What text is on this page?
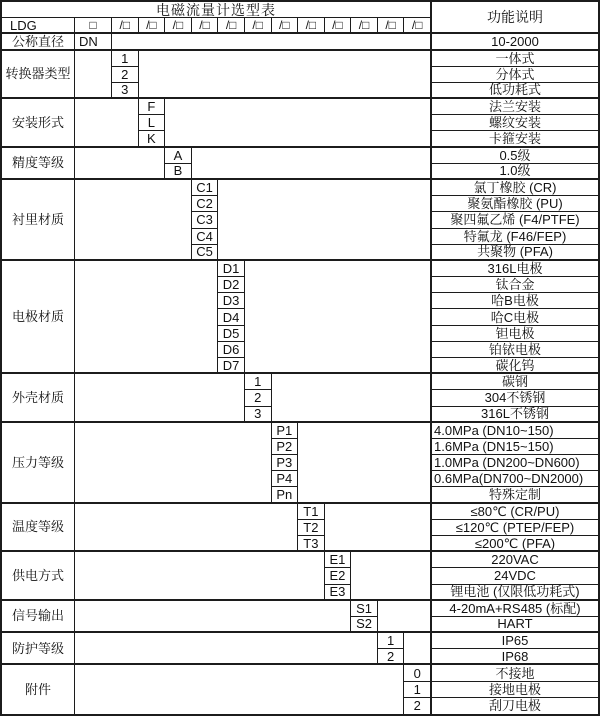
电磁流量计选型表	功能说明
LDG	□	/□	/□	/□	/□	/□	/□	/□	/□	/□	/□	/□	/□
公称直径	DN	10-2000
转换器类型
1	一体式
2	分体式
3	低功耗式
安装形式
F	法兰安装
L	螺纹安装
K	卡箍安装
精度等级
A	0.5级
B	1.0级
衬里材质
C1	氯丁橡胶 (CR)
C2	聚氨酯橡胶 (PU)
C3	聚四氟乙烯 (F4/PTFE)
C4	特氟龙 (F46/FEP)
C5	共聚物 (PFA)
电极材质
D1	316L电极
D2	钛合金
D3	哈B电极
D4	哈C电极
D5	钽电极
D6	铂铱电极
D7	碳化钨
外壳材质
1	碳钢
2	304不锈钢
3	316L不锈钢
压力等级
P1	4.0MPa (DN10~150)
P2	1.6MPa (DN15~150)
P3	1.0MPa (DN200~DN600)
P4	0.6MPa(DN700~DN2000)
Pn	特殊定制
温度等级
T1	≤80℃ (CR/PU)
T2	≤120℃ (PTEP/FEP)
T3	≤200℃ (PFA)
供电方式
E1	220VAC
E2	24VDC
E3	锂电池 (仅限低功耗式)
信号输出
S1	4-20mA+RS485 (标配)
S2	HART
防护等级
1	IP65
2	IP68
附件
0	不接地
1	接地电极
2	刮刀电极
